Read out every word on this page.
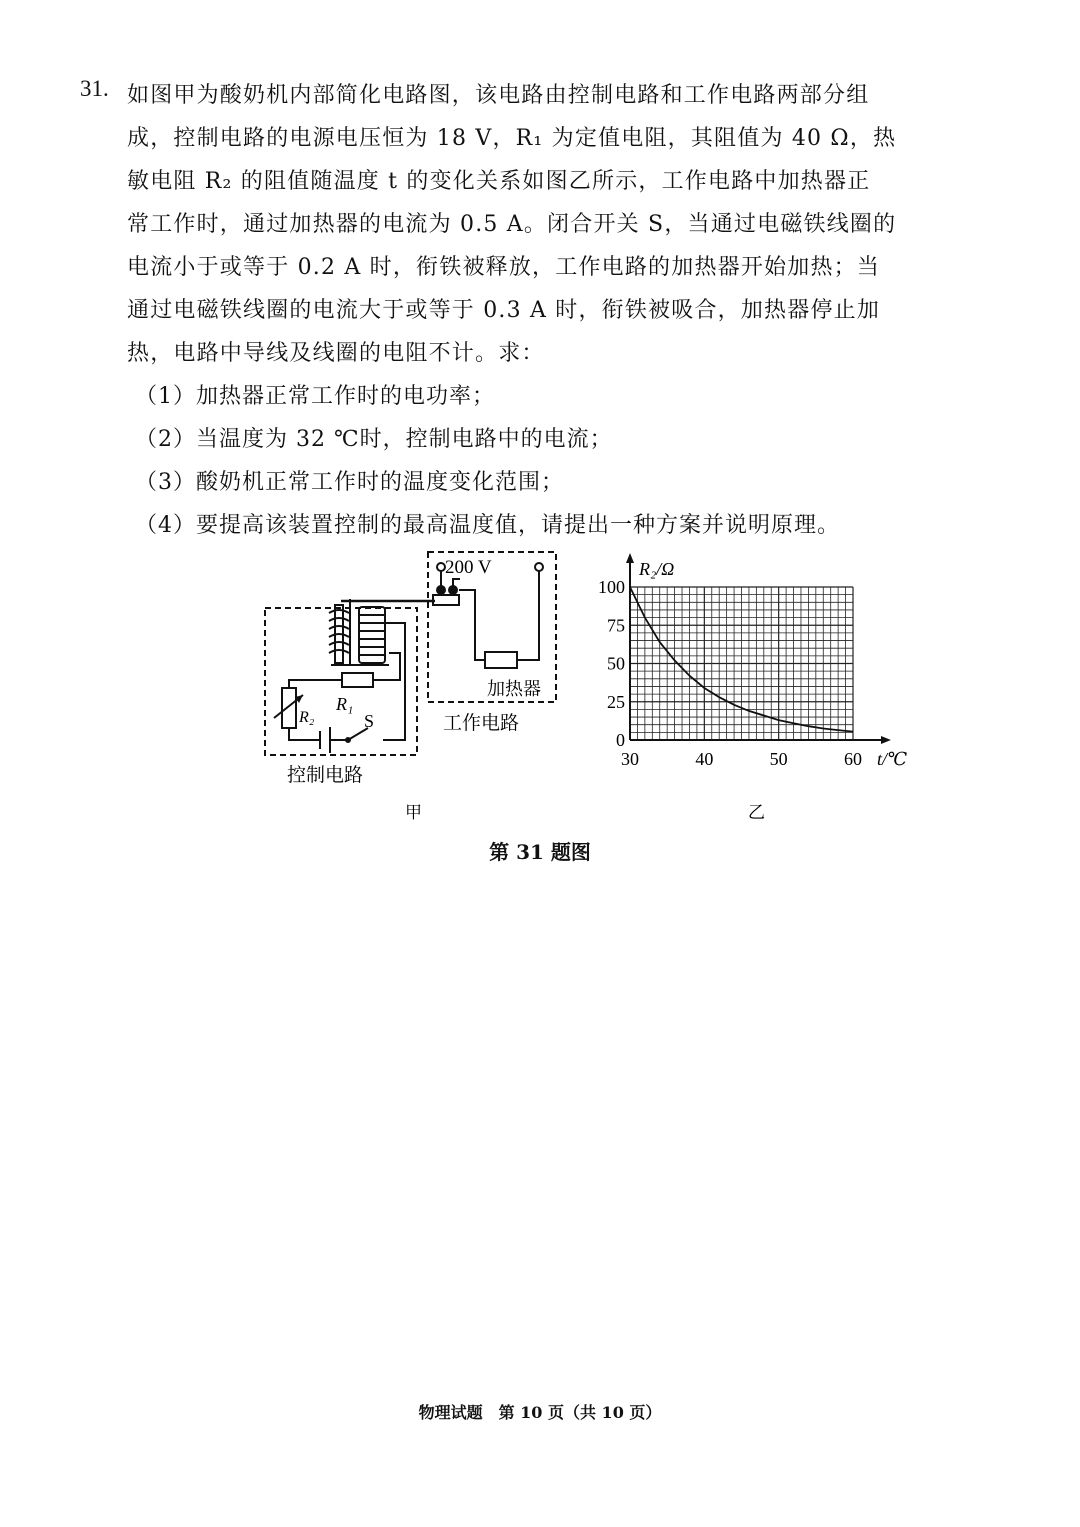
31. 如图甲为酸奶机内部简化电路图，该电路由控制电路和工作电路两部分组
成，控制电路的电源电压恒为 18 V，R₁ 为定值电阻，其阻值为 40 Ω，热
敏电阻 R₂ 的阻值随温度 t 的变化关系如图乙所示，工作电路中加热器正
常工作时，通过加热器的电流为 0.5 A。闭合开关 S，当通过电磁铁线圈的
电流小于或等于 0.2 A 时，衔铁被释放，工作电路的加热器开始加热；当
通过电磁铁线圈的电流大于或等于 0.3 A 时，衔铁被吸合，加热器停止加
热，电路中导线及线圈的电阻不计。求：
（1）加热器正常工作时的电功率；
（2）当温度为 32 ℃时，控制电路中的电流；
（3）酸奶机正常工作时的温度变化范围；
（4）要提高该装置控制的最高温度值，请提出一种方案并说明原理。
200 V
加热器
工作电路
控制电路
R₁
R₂	S
甲
30	40	50	60
0
25
50
75
100
R₂/Ω
t/℃
乙
第 31 题图
物理试题　第 10 页（共 10 页）
